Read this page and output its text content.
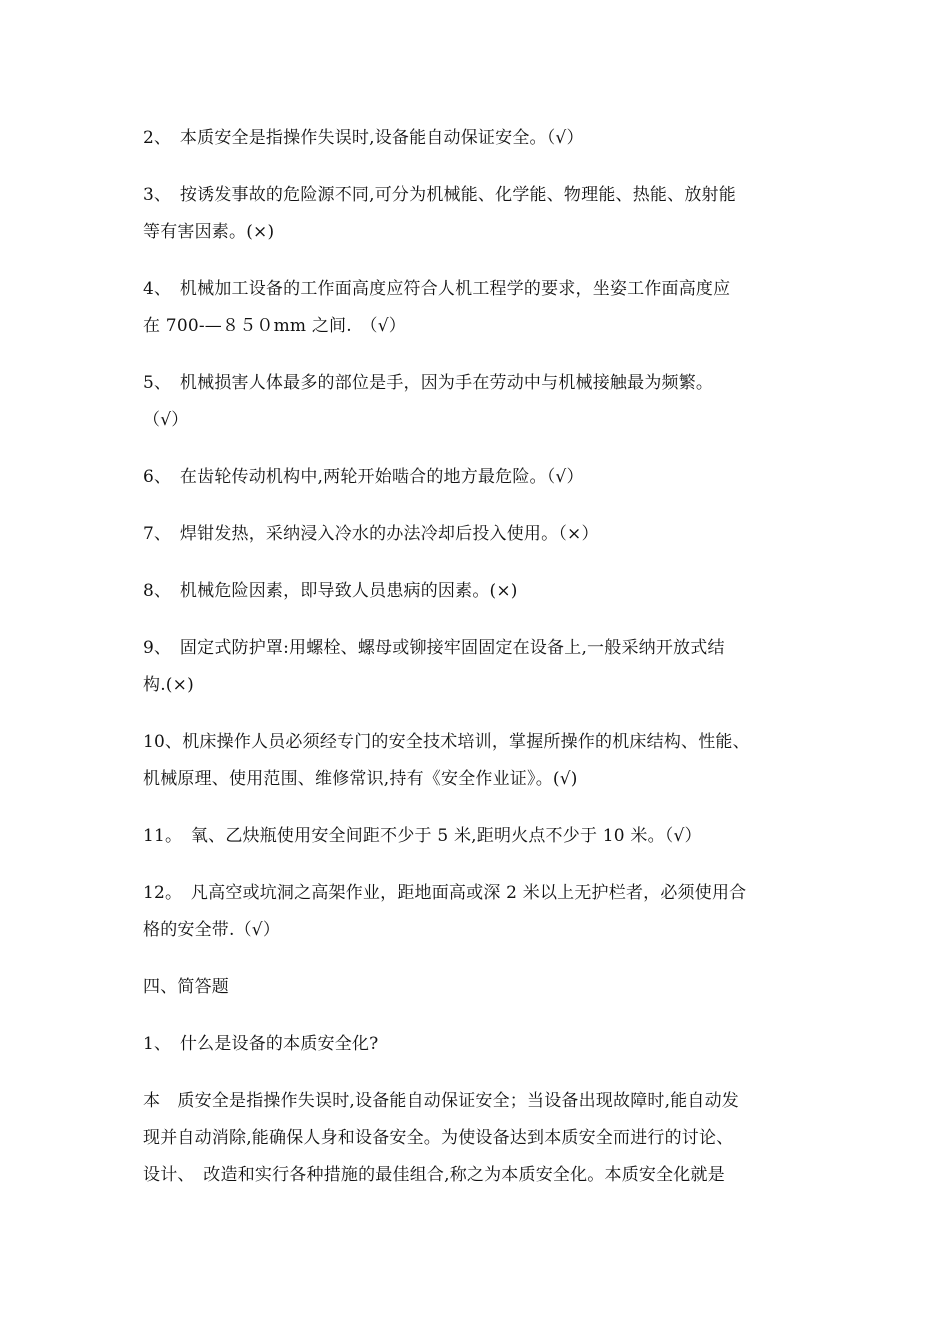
2、　本质安全是指操作失误时,设备能自动保证安全。（√）
3、　按诱发事故的危险源不同,可分为机械能、化学能、物理能、热能、放射能
等有害因素。(×)
4、　机械加工设备的工作面高度应符合人机工程学的要求，坐姿工作面高度应
在 700-—８５０mm 之间.　（√）
5、　机械损害人体最多的部位是手，因为手在劳动中与机械接触最为频繁。
（√）
6、　在齿轮传动机构中,两轮开始啮合的地方最危险。（√）
7、　焊钳发热，采纳浸入冷水的办法冷却后投入使用。（×）
8、　机械危险因素，即导致人员患病的因素。(×)
9、　固定式防护罩:用螺栓、螺母或铆接牢固固定在设备上,一般采纳开放式结
构.(×)
10、机床操作人员必须经专门的安全技术培训，掌握所操作的机床结构、性能、
机械原理、使用范围、维修常识,持有《安全作业证》。(√)
11。　氧、乙炔瓶使用安全间距不少于 5 米,距明火点不少于 10 米。（√）
12。　凡高空或坑洞之高架作业，距地面高或深 2 米以上无护栏者，必须使用合
格的安全带.（√）
四、简答题
1、　什么是设备的本质安全化?
本　质安全是指操作失误时,设备能自动保证安全；当设备出现故障时,能自动发
现并自动消除,能确保人身和设备安全。为使设备达到本质安全而进行的讨论、
设计、　改造和实行各种措施的最佳组合,称之为本质安全化。本质安全化就是
